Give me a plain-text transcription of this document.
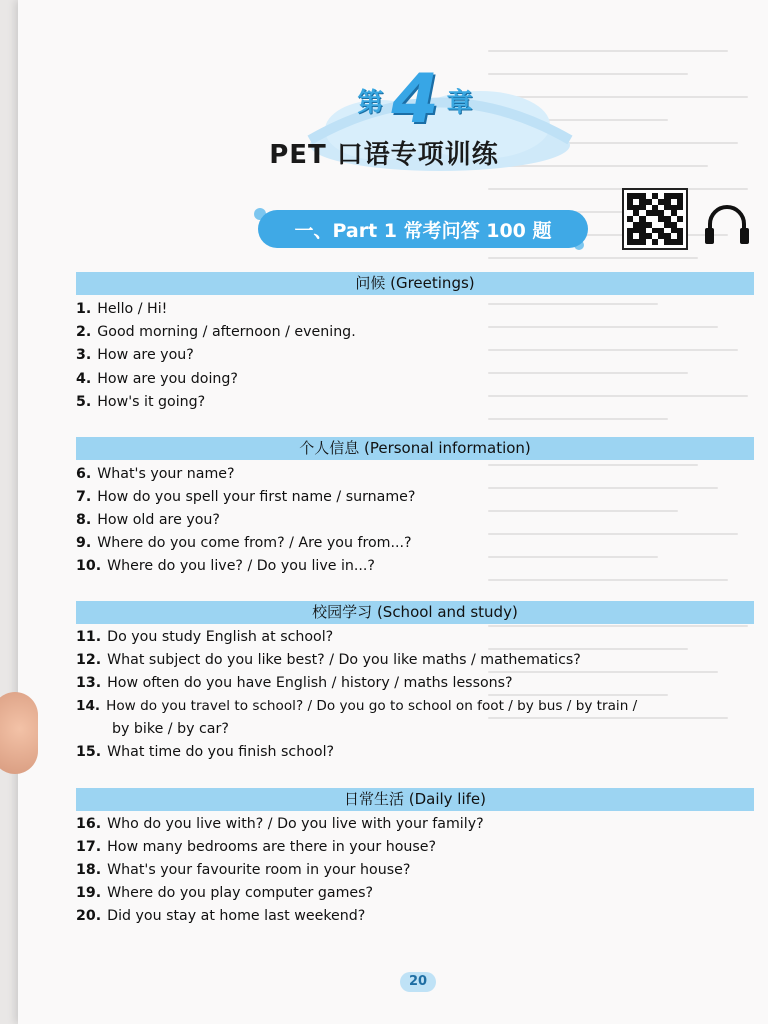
第 4 章
PET 口语专项训练
一、Part 1 常考问答 100 题
问候 (Greetings)
1. Hello / Hi!
2. Good morning / afternoon / evening.
3. How are you?
4. How are you doing?
5. How's it going?
个人信息 (Personal information)
6. What's your name?
7. How do you spell your first name / surname?
8. How old are you?
9. Where do you come from? / Are you from...?
10. Where do you live? / Do you live in...?
校园学习 (School and study)
11. Do you study English at school?
12. What subject do you like best? / Do you like maths / mathematics?
13. How often do you have English / history / maths lessons?
14. How do you travel to school? / Do you go to school on foot / by bus / by train /
by bike / by car?
15. What time do you finish school?
日常生活 (Daily life)
16. Who do you live with? / Do you live with your family?
17. How many bedrooms are there in your house?
18. What's your favourite room in your house?
19. Where do you play computer games?
20. Did you stay at home last weekend?
20
